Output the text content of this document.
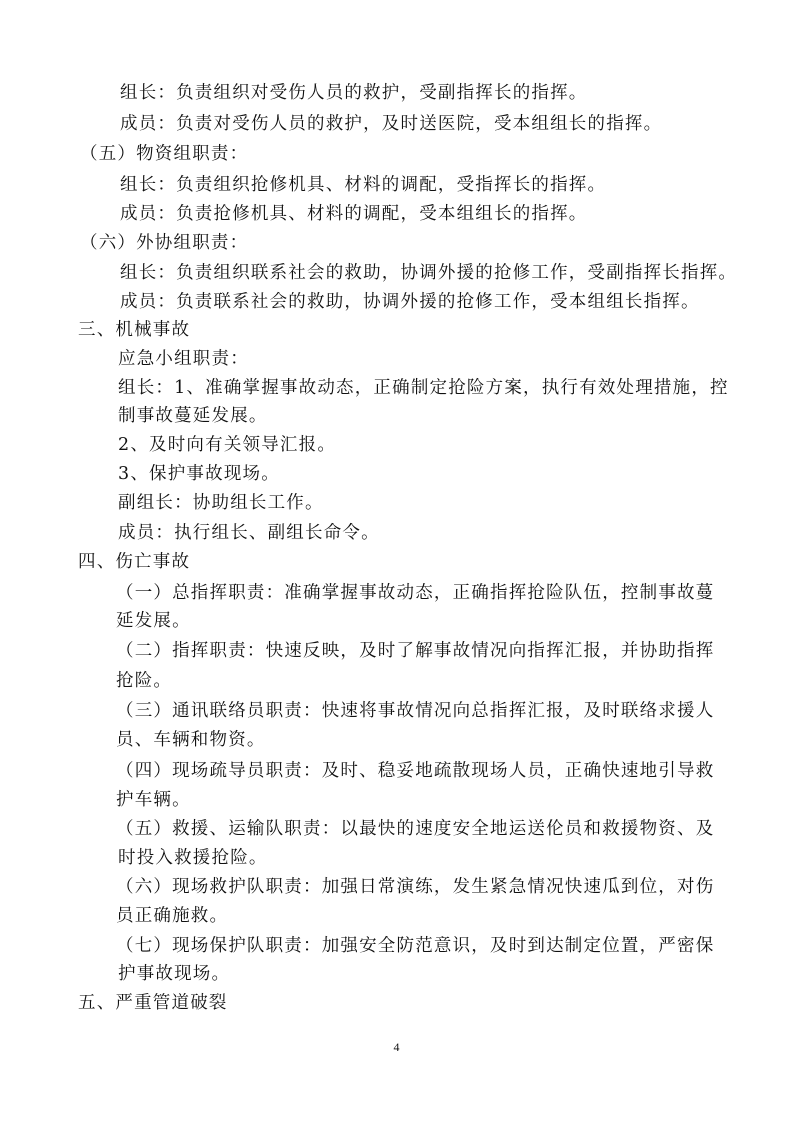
组长：负责组织对受伤人员的救护，受副指挥长的指挥。
成员：负责对受伤人员的救护，及时送医院，受本组组长的指挥。
（五）物资组职责：
组长：负责组织抢修机具、材料的调配，受指挥长的指挥。
成员：负责抢修机具、材料的调配，受本组组长的指挥。
（六）外协组职责：
组长：负责组织联系社会的救助，协调外援的抢修工作，受副指挥长指挥。
成员：负责联系社会的救助，协调外援的抢修工作，受本组组长指挥。
三、机械事故
应急小组职责：
组长：1、准确掌握事故动态，正确制定抢险方案，执行有效处理措施，控
制事故蔓延发展。
2、及时向有关领导汇报。
3、保护事故现场。
副组长：协助组长工作。
成员：执行组长、副组长命令。
四、伤亡事故
（一）总指挥职责：准确掌握事故动态，正确指挥抢险队伍，控制事故蔓
延发展。
（二）指挥职责：快速反映，及时了解事故情况向指挥汇报，并协助指挥
抢险。
（三）通讯联络员职责：快速将事故情况向总指挥汇报，及时联络求援人
员、车辆和物资。
（四）现场疏导员职责：及时、稳妥地疏散现场人员，正确快速地引导救
护车辆。
（五）救援、运输队职责：以最快的速度安全地运送伦员和救援物资、及
时投入救援抢险。
（六）现场救护队职责：加强日常演练，发生紧急情况快速瓜到位，对伤
员正确施救。
（七）现场保护队职责：加强安全防范意识，及时到达制定位置，严密保
护事故现场。
五、严重管道破裂
4
